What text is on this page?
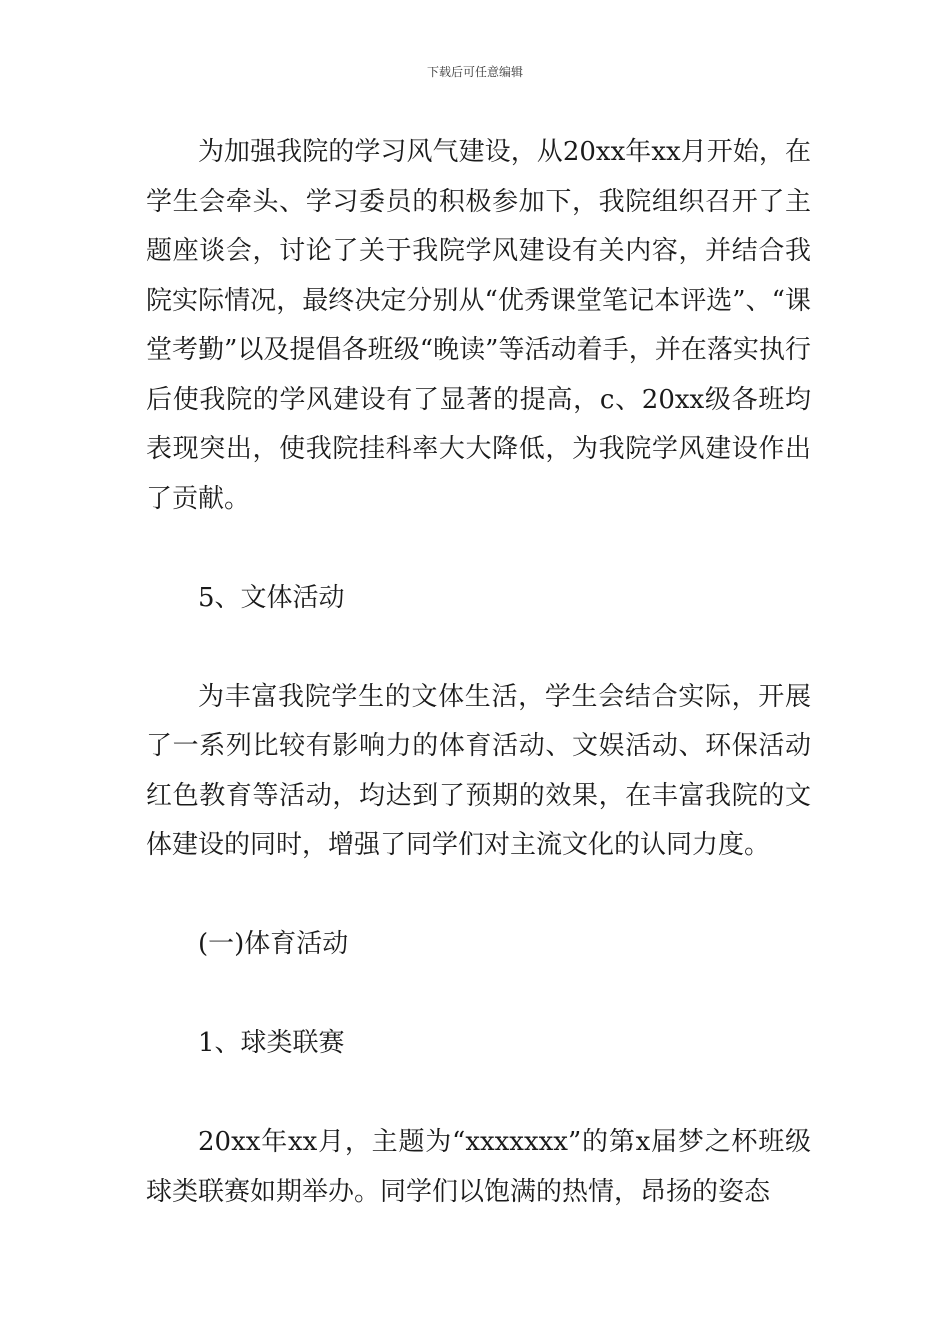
下载后可任意编辑

为加强我院的学习风气建设，从20xx年xx月开始，在学生会牵头、学习委员的积极参加下，我院组织召开了主题座谈会，讨论了关于我院学风建设有关内容，并结合我院实际情况，最终决定分别从“优秀课堂笔记本评选”、“课堂考勤”以及提倡各班级“晚读”等活动着手，并在落实执行后使我院的学风建设有了显著的提高，c、20xx级各班均表现突出，使我院挂科率大大降低，为我院学风建设作出了贡献。

5、文体活动

为丰富我院学生的文体生活，学生会结合实际，开展了一系列比较有影响力的体育活动、文娱活动、环保活动红色教育等活动，均达到了预期的效果，在丰富我院的文体建设的同时，增强了同学们对主流文化的认同力度。

(一)体育活动

1、球类联赛

20xx年xx月，主题为“xxxxxxx”的第x届梦之杯班级球类联赛如期举办。同学们以饱满的热情，昂扬的姿态
